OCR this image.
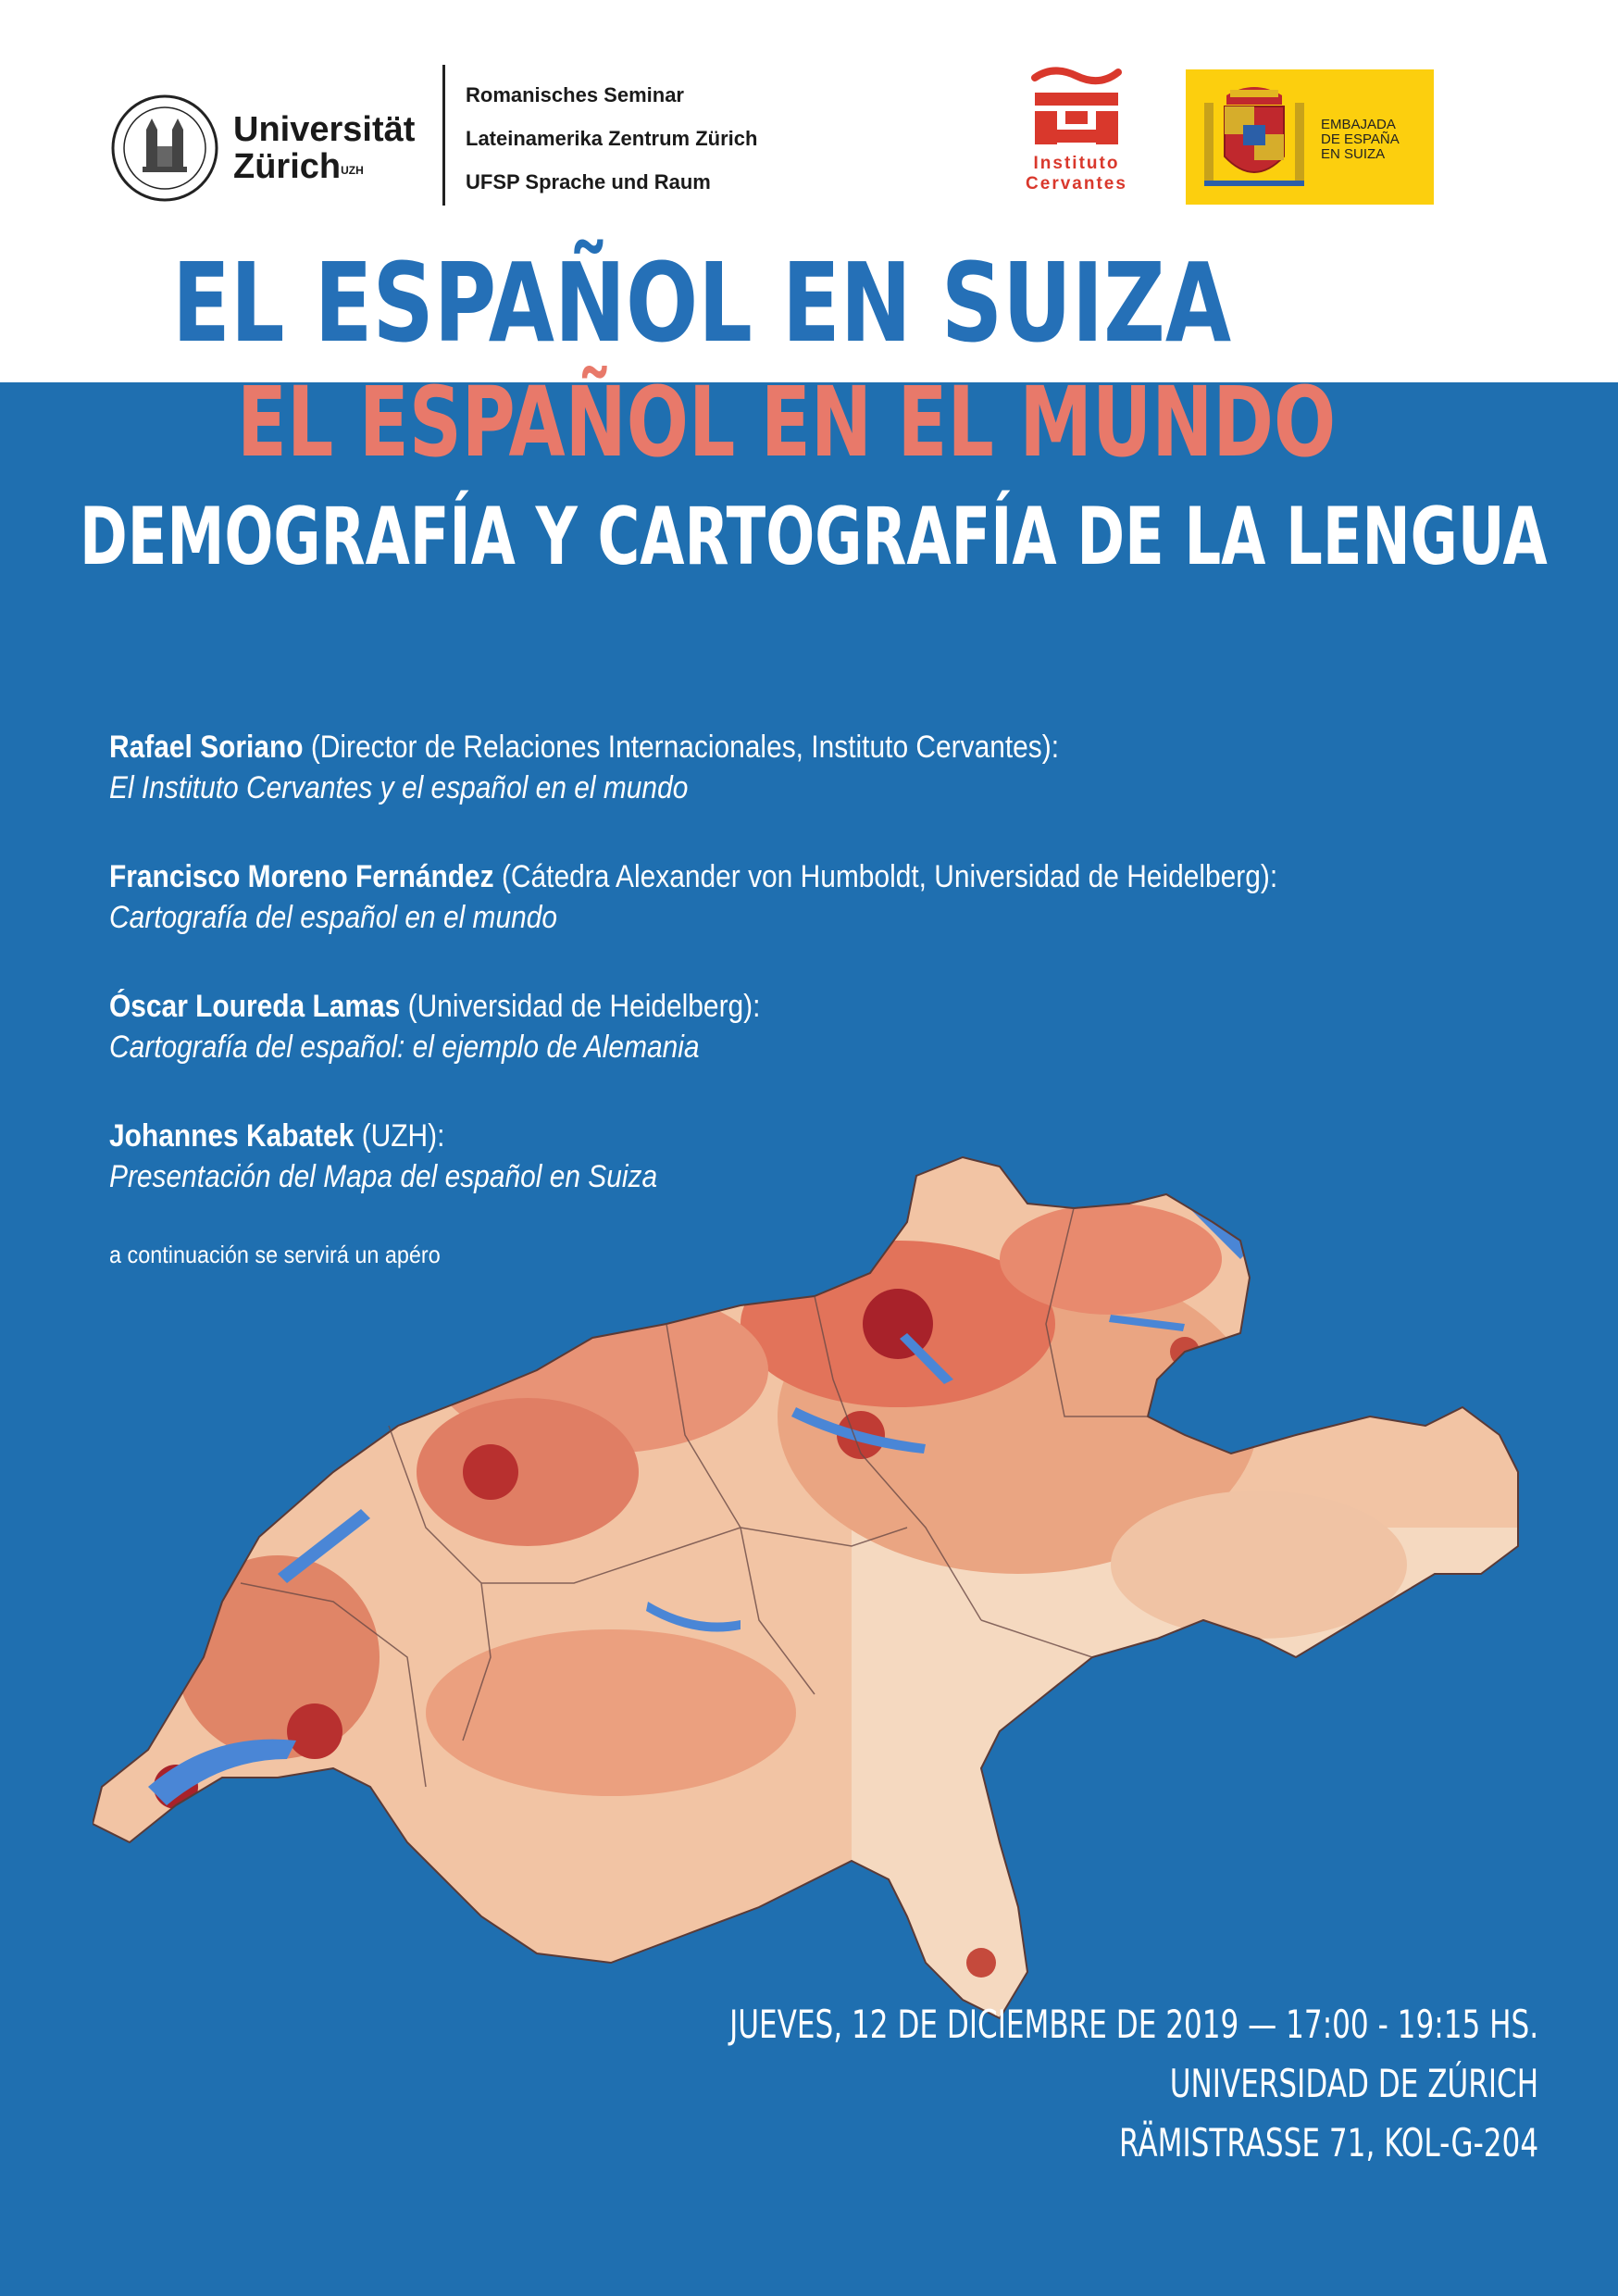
Universität
Zürich$^{UZH}$
Romanisches Seminar
Lateinamerika Zentrum Zürich
UFSP Sprache und Raum
Instituto
Cervantes
EMBAJADA
DE ESPAÑA
EN SUIZA
EL ESPAÑOL EN SUIZA
EL ESPAÑOL EN EL MUNDO
DEMOGRAFÍA Y CARTOGRAFÍA DE LA LENGUA
Rafael Soriano (Director de Relaciones Internacionales, Instituto Cervantes):
El Instituto Cervantes y el español en el mundo
Francisco Moreno Fernández (Cátedra Alexander von Humboldt, Universidad de Heidelberg):
Cartografía del español en el mundo
Óscar Loureda Lamas (Universidad de Heidelberg):
Cartografía del español: el ejemplo de Alemania
Johannes Kabatek (UZH):
Presentación del Mapa del español en Suiza
a continuación se servirá un apéro
JUEVES, 12 DE DICIEMBRE DE 2019 — 17:00 - 19:15 HS.
UNIVERSIDAD DE ZÚRICH
RÄMISTRASSE 71, KOL-G-204
